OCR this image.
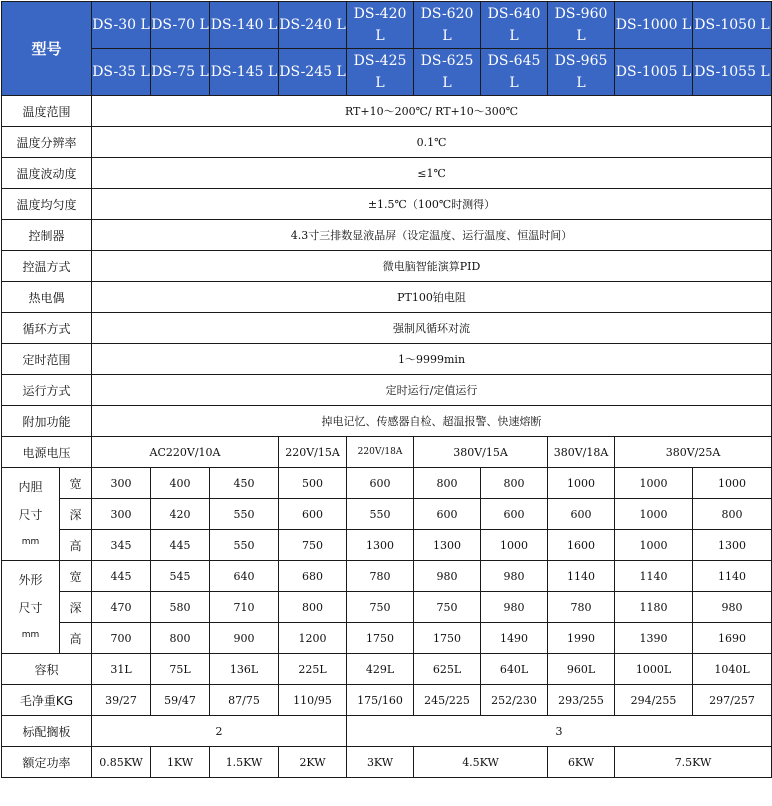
型号		DS-30 L	DS-70 L	DS-140 L	DS-240 L	DS-420 L	DS-620 L	DS-640 L	DS-960 L	DS-1000 L	DS-1050 L
		DS-35 L	DS-75 L	DS-145 L	DS-245 L	DS-425 L	DS-625 L	DS-645 L	DS-965 L	DS-1005 L	DS-1055 L
温度范围		RT+10～200℃/ RT+10～300℃									
温度分辨率		0.1℃									
温度波动度		≤1℃									
温度均匀度		±1.5℃（100℃时测得）									
控制器		4.3寸三排数显液晶屏（设定温度、运行温度、恒温时间）									
控温方式		微电脑智能演算PID									
热电偶		PT100铂电阻									
循环方式		强制风循环对流									
定时范围		1～9999min									
运行方式		定时运行/定值运行									
附加功能		掉电记忆、传感器自检、超温报警、快速熔断									
电源电压		AC220V/10A			220V/15A	220V/18A	380V/15A		380V/18A	380V/25A	

内胆尺寸
mm	宽	300	400	450	500	600	800	800	1000	1000	1000
	深	300	420	550	600	550	600	600	600	1000	800
	高	345	445	550	750	1300	1300	1000	1600	1000	1300

外形尺寸
mm	宽	445	545	640	680	780	980	980	1140	1140	1140
	深	470	580	710	800	750	750	980	780	1180	980
	高	700	800	900	1200	1750	1750	1490	1990	1390	1690
容积		31L	75L	136L	225L	429L	625L	640L	960L	1000L	1040L
毛净重KG		39/27	59/47	87/75	110/95	175/160	245/225	252/230	293/255	294/255	297/257
标配搁板		2				3					
额定功率		0.85KW	1KW	1.5KW	2KW	3KW	4.5KW		6KW	7.5KW	
